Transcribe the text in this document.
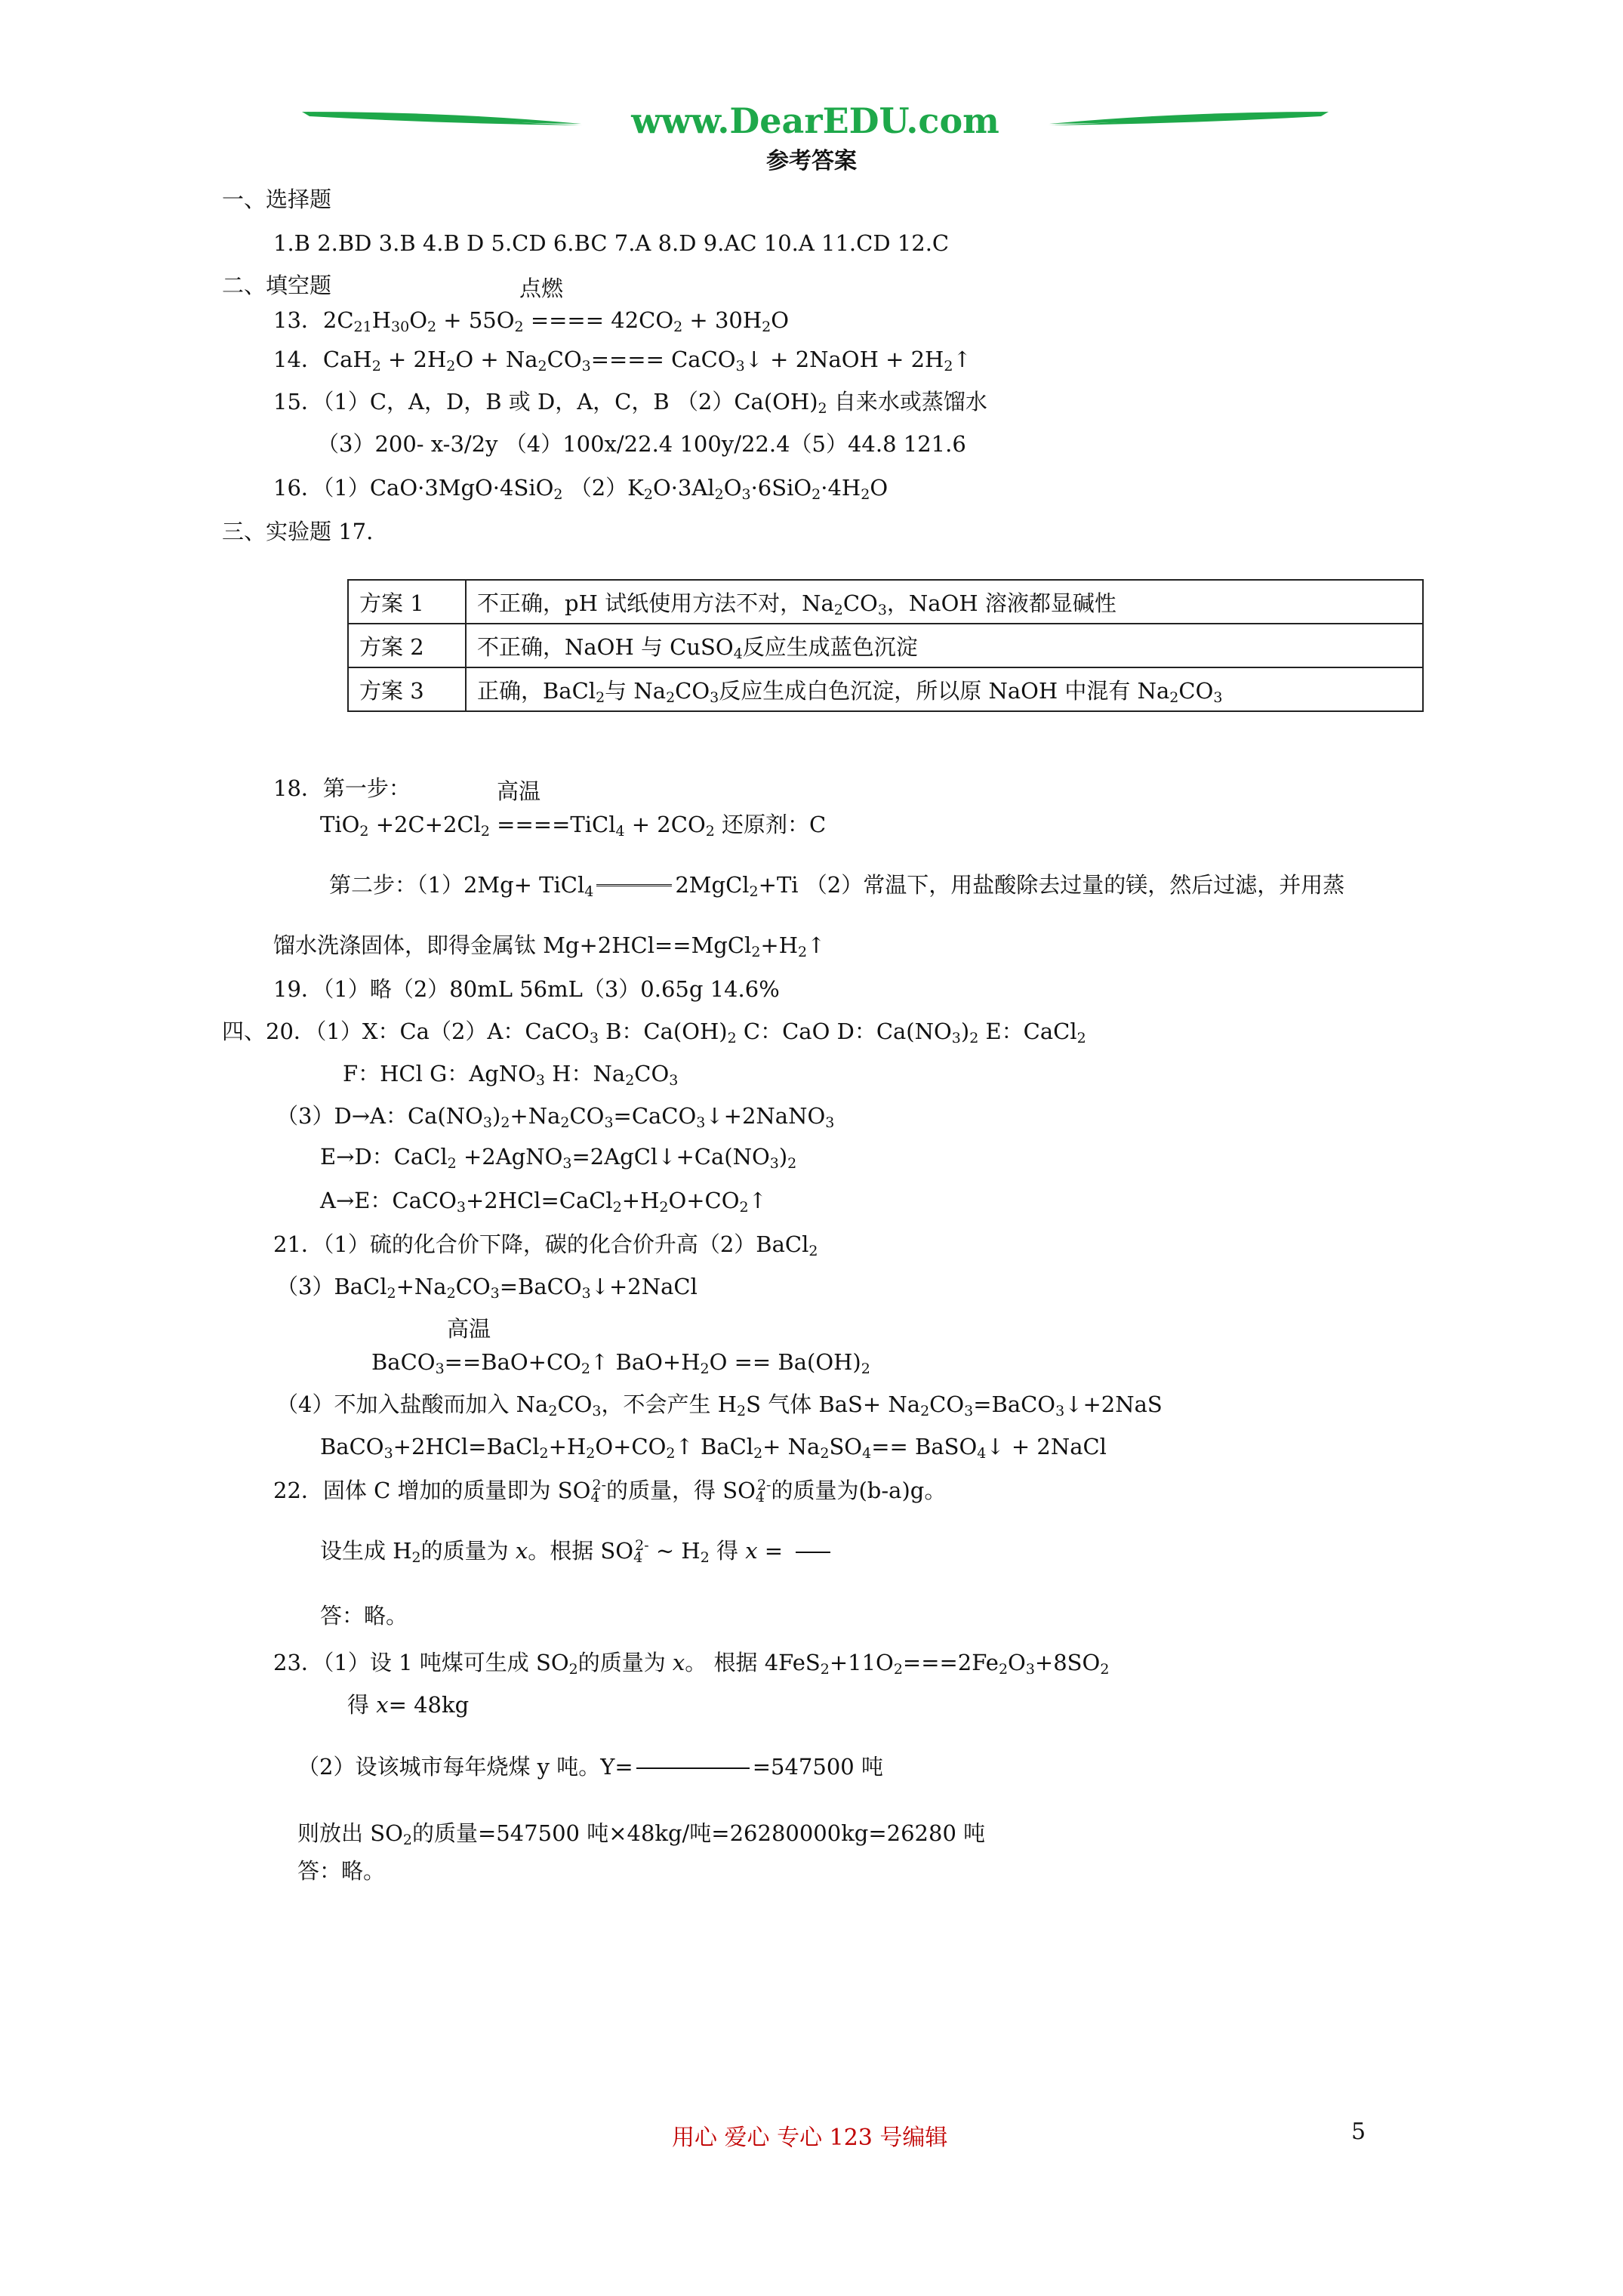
www.DearEDU.com
参考答案
一、选择题
1.B 2.BD 3.B 4.B D 5.CD 6.BC 7.A 8.D 9.AC 10.A 11.CD 12.C
二、填空题	点燃
13．$2C_{21}H_{30}O_2 + 55O_2$ ==== $42CO_2 + 30H_2O$
14．$CaH_2 + 2H_2O + Na_2CO_3====$ CaCO$_3$↓ + 2NaOH + $2H_2↑$
15．（1）C，A，D，B 或 D，A，C，B $(2)Ca(OH)_2$ 自来水或蒸馏水
（3）200- x-3/2y （4）100x/22.4 100y/22.4（5）44.8 121.6
16．（1）CaO·3MgO·4SiO$_2$ $(2)K_2O\cdot 3Al_2O_3\cdot 6SiO_2\cdot 4H_2O$
三、实验题 17.
方案 1	不正确，pH 试纸使用方法不对，$Na_2CO_3$，NaOH 溶液都显碱性
方案 2	不正确，NaOH 与 CuSO$_4$反应生成蓝色沉淀
方案 3	正确，BaCl$_2$与 $Na_2CO_3$反应生成白色沉淀，所以原 NaOH 中混有 $Na_2CO_3$
18．第一步：	高温
$TiO_2 +2C+2Cl_2$ ====TiCl$_4$ + $2CO_2$ 还原剂：C
第二步：（1）2Mg+ TiCl$_4$	2MgCl$_2$+Ti （2）常温下，用盐酸除去过量的镁，然后过滤，并用蒸
馏水洗涤固体，即得金属钛 $Mg+2HCl==MgCl_2+H_2↑$
19．（1）略（2）80mL 56mL（3）0.65g 14.6%
四、20．（1）X：Ca（2）A：CaCO$_3$ B：$Ca(OH)_2$ C：CaO D：$Ca(NO_3)_2$ E：CaCl$_2$
F：HCl G：AgNO$_3$ H：$Na_2CO_3$
（3）D→A：$Ca(NO_3)_2+Na_2CO_3=CaCO_3↓+2NaNO_3$
E→D：CaCl$_2$ $+2AgNO_3=2AgCl↓+Ca(NO_3)_2$
A→E：$CaCO_3+2HCl=CaCl_2+H_2O+CO_2↑$
21．（1）硫的化合价下降，碳的化合价升高（2）BaCl$_2$
$(3)BaCl_2+Na_2CO_3=BaCO_3↓+2NaCl$
高温
$BaCO_3==BaO+CO_2↑$ $BaO+H_2O == Ba(OH)_2$
（4）不加入盐酸而加入 $Na_2CO_3$，不会产生 $H_2S$ 气体 $BaS+ Na_2CO_3=BaCO_3↓+2NaS$
$BaCO_3+2HCl=BaCl_2+H_2O+CO_2↑$ BaCl$_2$+ $Na_2SO_4==$ BaSO$_4$↓ + 2NaCl
22．固体 C 增加的质量即为 $SO_4^{2-}$的质量，得 $SO_4^{2-}$的质量为(b-a)g。
设生成 $H_2$的质量为 x。根据 $SO_4^{2-}$ ~ $H_2$ 得 x =
答：略。
23．（1）设 1 吨煤可生成 $SO_2$的质量为 x。 根据 $4FeS_2+11O_2===2Fe_2O_3+8SO_2$
得 x= 48kg
（2）设该城市每年烧煤 y 吨。Y=	=547500 吨
则放出 $SO_2$的质量=547500 吨×48kg/吨=26280000kg=26280 吨
答：略。
用心 爱心 专心 123 号编辑	5
